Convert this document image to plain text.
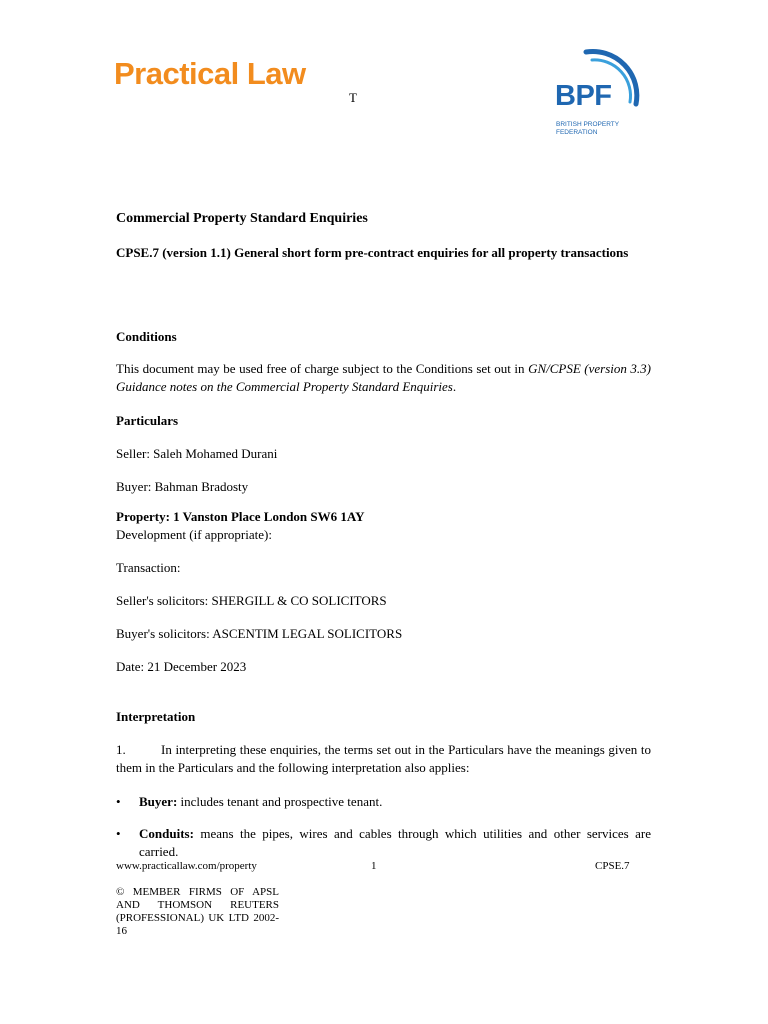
Practical Law
T	BPF
BRITISH PROPERTY FEDERATION
Commercial Property Standard Enquiries
CPSE.7 (version 1.1) General short form pre-contract enquiries for all property transactions
Conditions
This document may be used free of charge subject to the Conditions set out in GN/CPSE (version 3.3) Guidance notes on the Commercial Property Standard Enquiries.
Particulars
Seller: Saleh Mohamed Durani
Buyer: Bahman Bradosty
Property: 1 Vanston Place London SW6 1AY
Development (if appropriate):
Transaction:
Seller's solicitors: SHERGILL & CO SOLICITORS
Buyer's solicitors: ASCENTIM LEGAL SOLICITORS
Date: 21 December 2023
Interpretation
1.	In interpreting these enquiries, the terms set out in the Particulars have the meanings given to them in the Particulars and the following interpretation also applies:
• Buyer: includes tenant and prospective tenant.
• Conduits: means the pipes, wires and cables through which utilities and other services are carried.
www.practicallaw.com/property	1	CPSE.7
© MEMBER FIRMS OF APSL AND THOMSON REUTERS (PROFESSIONAL) UK LTD 2002-16
